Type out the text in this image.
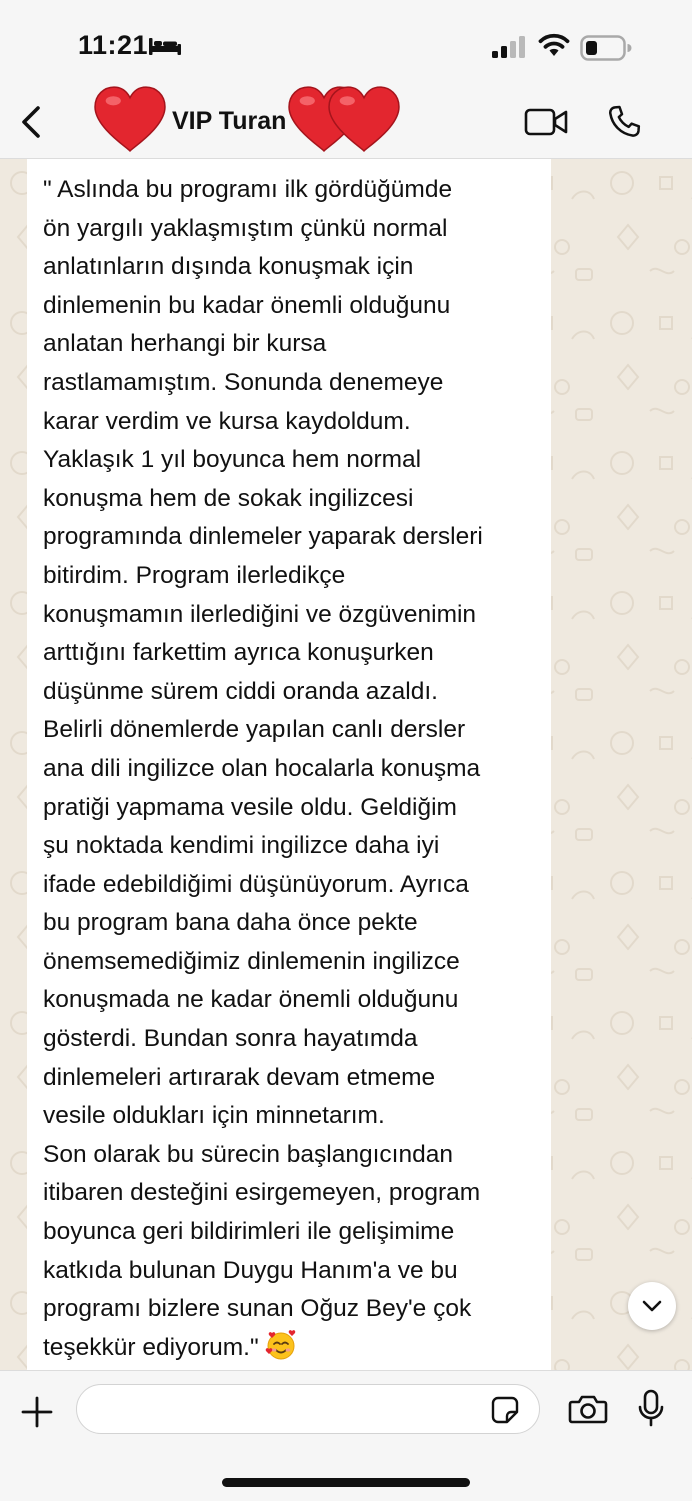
11:21
VIP Turan

" Aslında bu programı ilk gördüğümde
ön yargılı yaklaşmıştım çünkü normal
anlatınların dışında konuşmak için
dinlemenin bu kadar önemli olduğunu
anlatan herhangi bir kursa
rastlamamıştım. Sonunda denemeye
karar verdim ve kursa kaydoldum.
Yaklaşık 1 yıl boyunca hem normal
konuşma hem de sokak ingilizcesi
programında dinlemeler yaparak dersleri
bitirdim. Program ilerledikçe
konuşmamın ilerlediğini ve özgüvenimin
arttığını farkettim ayrıca konuşurken
düşünme sürem ciddi oranda azaldı.
Belirli dönemlerde yapılan canlı dersler
ana dili ingilizce olan hocalarla konuşma
pratiği yapmama vesile oldu. Geldiğim
şu noktada kendimi ingilizce daha iyi
ifade edebildiğimi düşünüyorum. Ayrıca
bu program bana daha önce pekte
önemsemediğimiz dinlemenin ingilizce
konuşmada ne kadar önemli olduğunu
gösterdi. Bundan sonra hayatımda
dinlemeleri artırarak devam etmeme
vesile oldukları için minnetarım.
Son olarak bu sürecin başlangıcından
itibaren desteğini esirgemeyen, program
boyunca geri bildirimleri ile gelişimime
katkıda bulunan Duygu Hanım'a ve bu
programı bizlere sunan Oğuz Bey'e çok
teşekkür ediyorum."
